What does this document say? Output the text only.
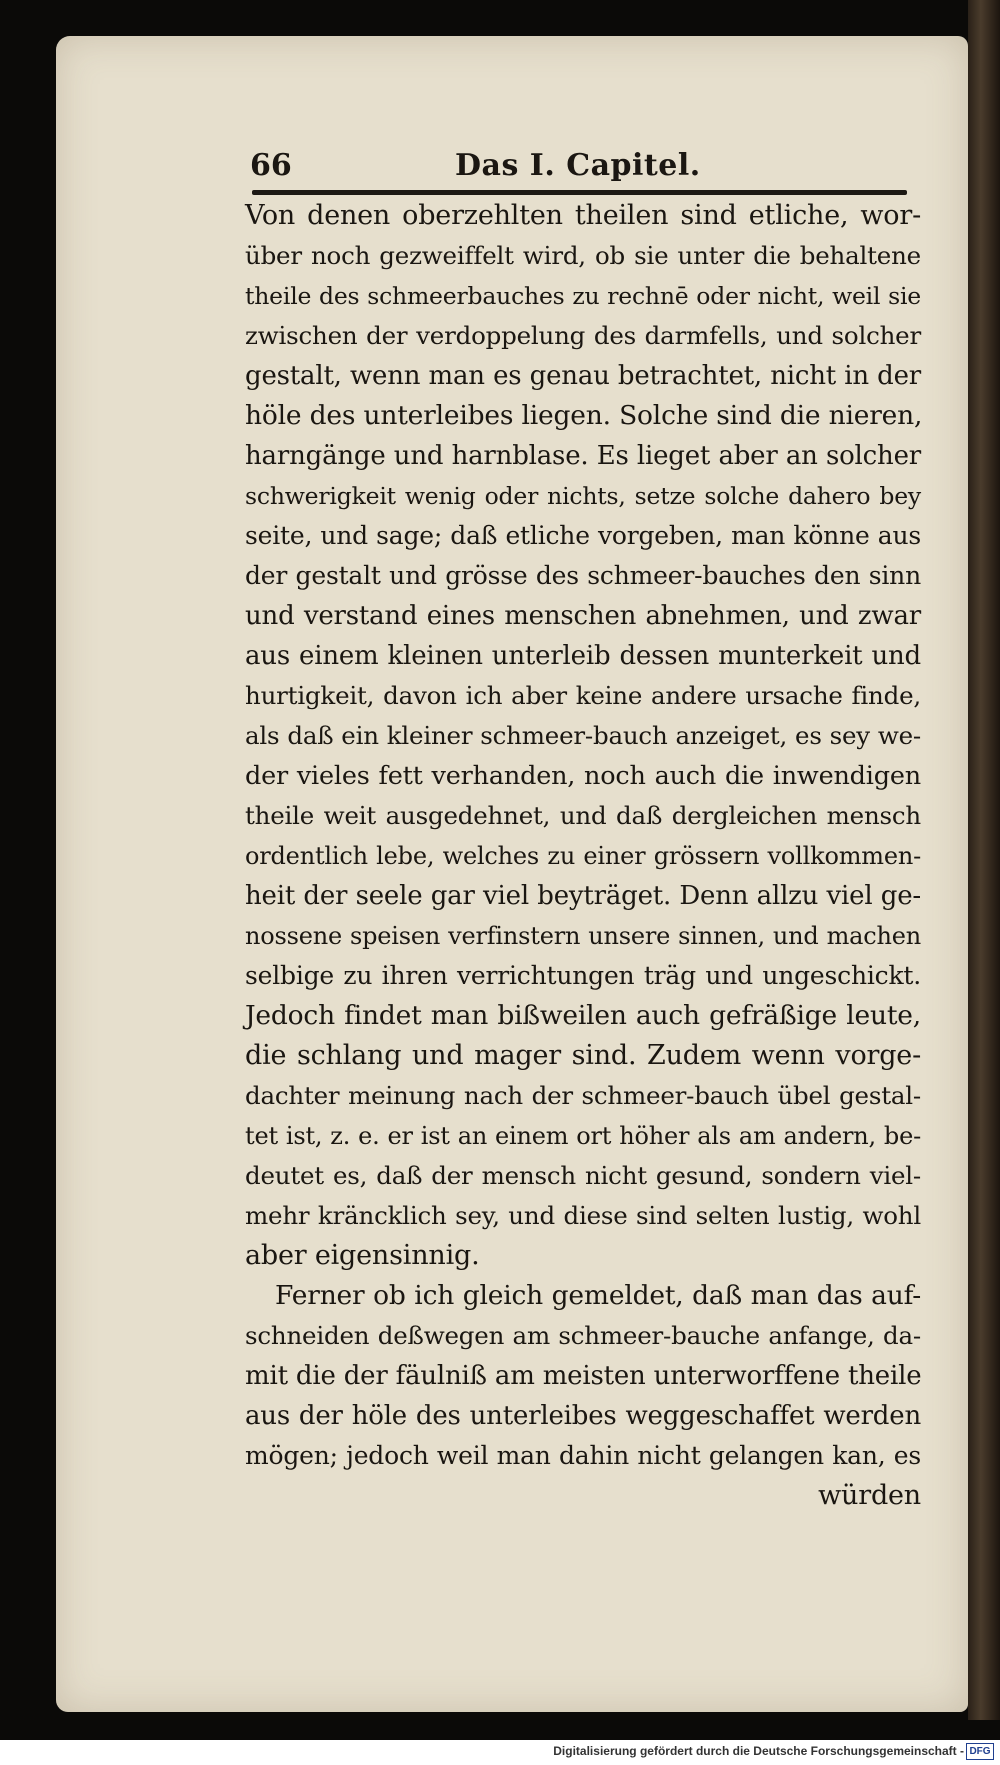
66	Das I. Capitel.
Von denen oberzehlten theilen sind etliche, wor-
über noch gezweiffelt wird, ob sie unter die behaltene
theile des schmeerbauches zu rechnē oder nicht, weil sie
zwischen der verdoppelung des darmfells, und solcher
gestalt, wenn man es genau betrachtet, nicht in der
höle des unterleibes liegen. Solche sind die nieren,
harngänge und harnblase. Es lieget aber an solcher
schwerigkeit wenig oder nichts, setze solche dahero bey
seite, und sage; daß etliche vorgeben, man könne aus
der gestalt und grösse des schmeer-bauches den sinn
und verstand eines menschen abnehmen, und zwar
aus einem kleinen unterleib dessen munterkeit und
hurtigkeit, davon ich aber keine andere ursache finde,
als daß ein kleiner schmeer-bauch anzeiget, es sey we-
der vieles fett verhanden, noch auch die inwendigen
theile weit ausgedehnet, und daß dergleichen mensch
ordentlich lebe, welches zu einer grössern vollkommen-
heit der seele gar viel beyträget. Denn allzu viel ge-
nossene speisen verfinstern unsere sinnen, und machen
selbige zu ihren verrichtungen träg und ungeschickt.
Jedoch findet man bißweilen auch gefräßige leute,
die schlang und mager sind. Zudem wenn vorge-
dachter meinung nach der schmeer-bauch übel gestal-
tet ist, z. e. er ist an einem ort höher als am andern, be-
deutet es, daß der mensch nicht gesund, sondern viel-
mehr kräncklich sey, und diese sind selten lustig, wohl
aber eigensinnig.
Ferner ob ich gleich gemeldet, daß man das auf-
schneiden deßwegen am schmeer-bauche anfange, da-
mit die der fäulniß am meisten unterworffene theile
aus der höle des unterleibes weggeschaffet werden
mögen; jedoch weil man dahin nicht gelangen kan, es
würden
Digitalisierung gefördert durch die Deutsche Forschungsgemeinschaft - DFG
